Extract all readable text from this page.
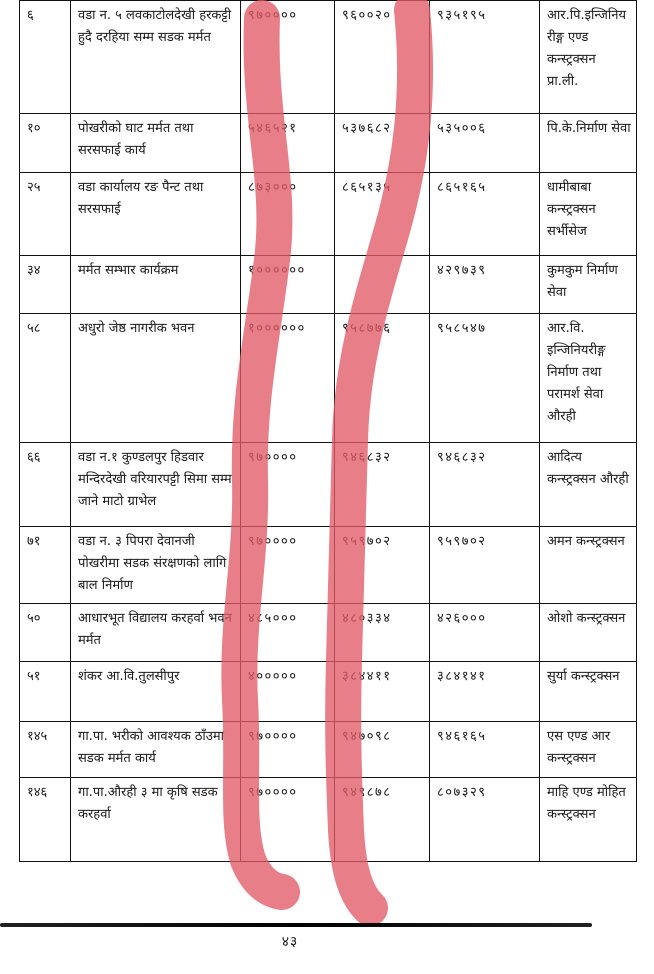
६	वडा न. ५ लवकाटोलदेखी हरकट्टी हुदै दरहिया सम्म सडक मर्मत	९७००००	९६००२०	९३५१९५	आर.पि.इन्जिनियरीङ्ग एण्ड कन्स्ट्रक्सन प्रा.ली.
१०	पोखरीको घाट मर्मत तथा सरसफाई कार्य	५४६५२१	५३७६८२	५३५००६	पि.के.निर्माण सेवा
२५	वडा कार्यालय रङ पैन्ट तथा सरसफाई	८७३०००	८६५१३५	८६५१६५	धामीबाबा कन्स्ट्रक्सन सर्भीसेज
३४	मर्मत सम्भार कार्यक्रम	१००००००		४२९७३९	कुमकुम निर्माण सेवा
५८	अधुरो जेष्ठ नागरीक भवन	१००००००	९५८७७६	९५८५४७	आर.वि. इन्जिनियरीङ्ग निर्माण तथा परामर्श सेवा औरही
६६	वडा न.१ कुण्डलपुर हिडवार मन्दिरदेखी वरियारपट्टी सिमा सम्म जाने माटो ग्राभेल	९७००००	९४६८३२	९४६८३२	आदित्य कन्स्ट्रक्सन औरही
७१	वडा न. ३ पिपरा देवानजी पोखरीमा सडक संरक्षणको लागि बाल निर्माण	९७००००	९५९७०२	९५९७०२	अमन कन्स्ट्रक्सन
५०	आधारभूत विद्यालय करहर्वा भवन मर्मत	४८५०००	४८०३३४	४२६०००	ओशो कन्स्ट्रक्सन
५१	शंकर आ.वि.तुलसीपुर	४०००००	३८४४११	३८४१४१	सुर्या कन्स्ट्रक्सन
१४५	गा.पा. भरीको आवश्यक ठाँउमा सडक मर्मत कार्य	९७००००	९४७०९८	९४६१६५	एस एण्ड आर कन्स्ट्रक्सन
१४६	गा.पा.औरही ३ मा कृषि सडक करहर्वा	९७००००	९४९८७८	८०७३२९	माहि एण्ड मोहित कन्स्ट्रक्सन
४३
